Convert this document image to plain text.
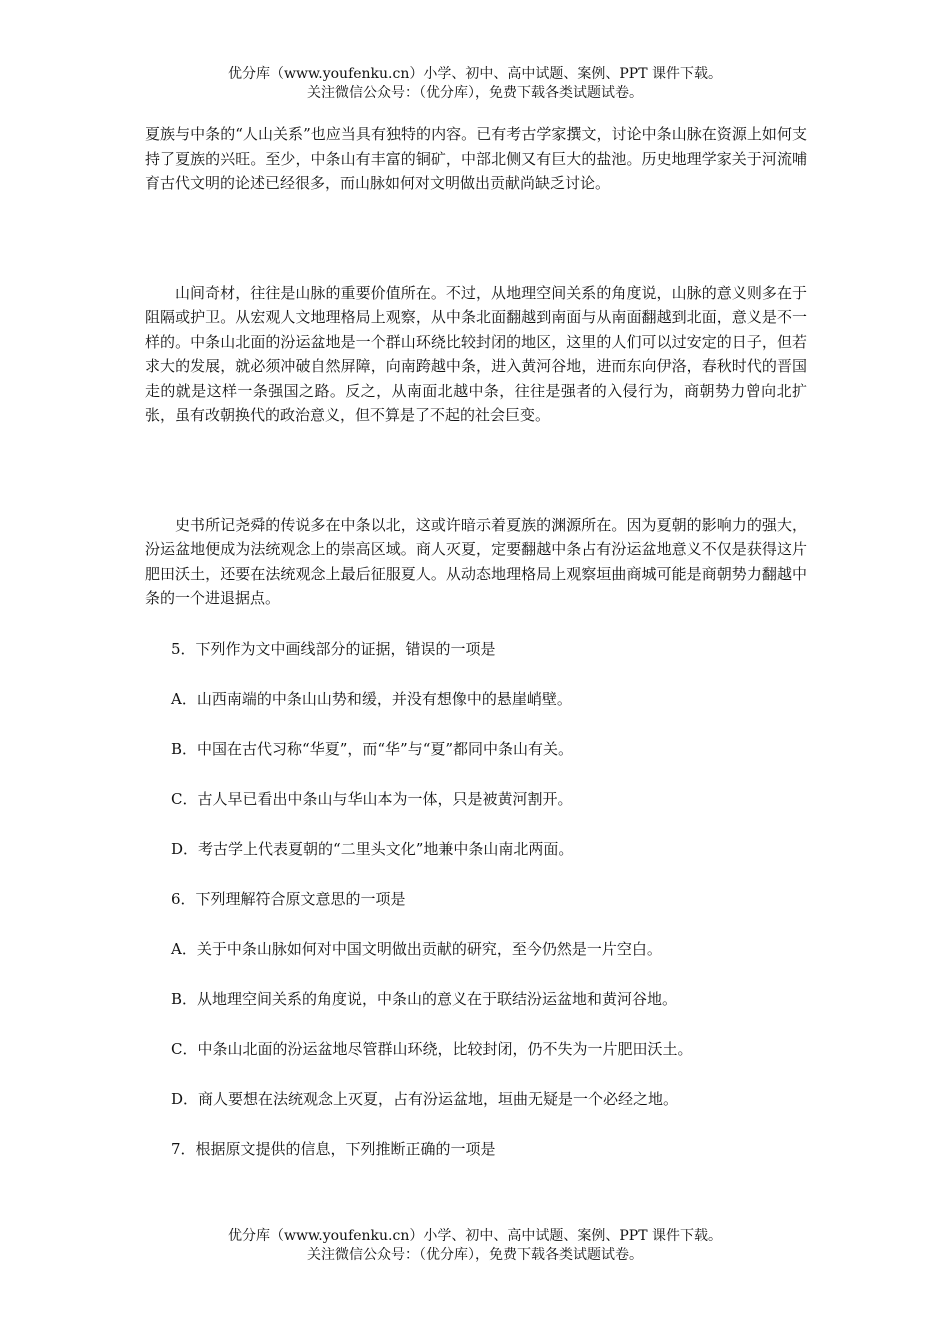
优分库（www.youfenku.cn）小学、初中、高中试题、案例、PPT 课件下载。
关注微信公众号：（优分库），免费下载各类试题试卷。

夏族与中条的“人山关系”也应当具有独特的内容。已有考古学家撰文，讨论中条山脉在资源上如何支持了夏族的兴旺。至少，中条山有丰富的铜矿，中部北侧又有巨大的盐池。历史地理学家关于河流哺育古代文明的论述已经很多，而山脉如何对文明做出贡献尚缺乏讨论。

山间奇材，往往是山脉的重要价值所在。不过，从地理空间关系的角度说，山脉的意义则多在于阻隔或护卫。从宏观人文地理格局上观察，从中条北面翻越到南面与从南面翻越到北面，意义是不一样的。中条山北面的汾运盆地是一个群山环绕比较封闭的地区，这里的人们可以过安定的日子，但若求大的发展，就必须冲破自然屏障，向南跨越中条，进入黄河谷地，进而东向伊洛，春秋时代的晋国走的就是这样一条强国之路。反之，从南面北越中条，往往是强者的入侵行为，商朝势力曾向北扩张，虽有改朝换代的政治意义，但不算是了不起的社会巨变。

史书所记尧舜的传说多在中条以北，这或许暗示着夏族的渊源所在。因为夏朝的影响力的强大，汾运盆地便成为法统观念上的崇高区域。商人灭夏，定要翻越中条占有汾运盆地意义不仅是获得这片肥田沃土，还要在法统观念上最后征服夏人。从动态地理格局上观察垣曲商城可能是商朝势力翻越中条的一个进退据点。

5．下列作为文中画线部分的证据，错误的一项是

A．山西南端的中条山山势和缓，并没有想像中的悬崖峭壁。

B．中国在古代习称“华夏”，而“华”与“夏”都同中条山有关。

C．古人早已看出中条山与华山本为一体，只是被黄河割开。

D．考古学上代表夏朝的“二里头文化”地兼中条山南北两面。

6．下列理解符合原文意思的一项是

A．关于中条山脉如何对中国文明做出贡献的研究，至今仍然是一片空白。

B．从地理空间关系的角度说，中条山的意义在于联结汾运盆地和黄河谷地。

C．中条山北面的汾运盆地尽管群山环绕，比较封闭，仍不失为一片肥田沃土。

D．商人要想在法统观念上灭夏，占有汾运盆地，垣曲无疑是一个必经之地。

7．根据原文提供的信息，下列推断正确的一项是

优分库（www.youfenku.cn）小学、初中、高中试题、案例、PPT 课件下载。
关注微信公众号：（优分库），免费下载各类试题试卷。
